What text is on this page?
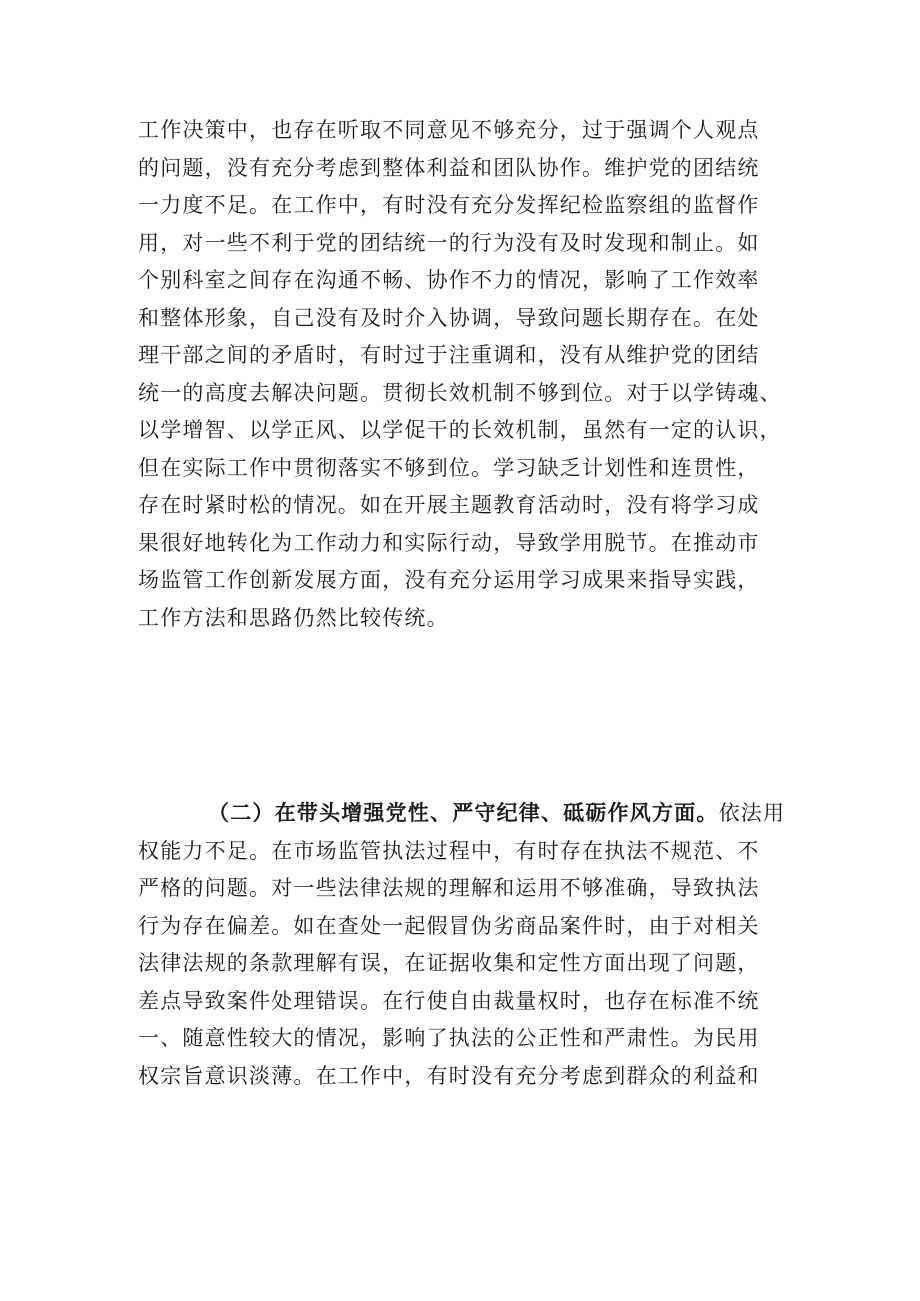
工作决策中，也存在听取不同意见不够充分，过于强调个人观点
的问题，没有充分考虑到整体利益和团队协作。维护党的团结统
一力度不足。在工作中，有时没有充分发挥纪检监察组的监督作
用，对一些不利于党的团结统一的行为没有及时发现和制止。如
个别科室之间存在沟通不畅、协作不力的情况，影响了工作效率
和整体形象，自己没有及时介入协调，导致问题长期存在。在处
理干部之间的矛盾时，有时过于注重调和，没有从维护党的团结
统一的高度去解决问题。贯彻长效机制不够到位。对于以学铸魂、
以学增智、以学正风、以学促干的长效机制，虽然有一定的认识，
但在实际工作中贯彻落实不够到位。学习缺乏计划性和连贯性，
存在时紧时松的情况。如在开展主题教育活动时，没有将学习成
果很好地转化为工作动力和实际行动，导致学用脱节。在推动市
场监管工作创新发展方面，没有充分运用学习成果来指导实践，
工作方法和思路仍然比较传统。
（二）在带头增强党性、严守纪律、砥砺作风方面。依法用
权能力不足。在市场监管执法过程中，有时存在执法不规范、不
严格的问题。对一些法律法规的理解和运用不够准确，导致执法
行为存在偏差。如在查处一起假冒伪劣商品案件时，由于对相关
法律法规的条款理解有误，在证据收集和定性方面出现了问题，
差点导致案件处理错误。在行使自由裁量权时，也存在标准不统
一、随意性较大的情况，影响了执法的公正性和严肃性。为民用
权宗旨意识淡薄。在工作中，有时没有充分考虑到群众的利益和
